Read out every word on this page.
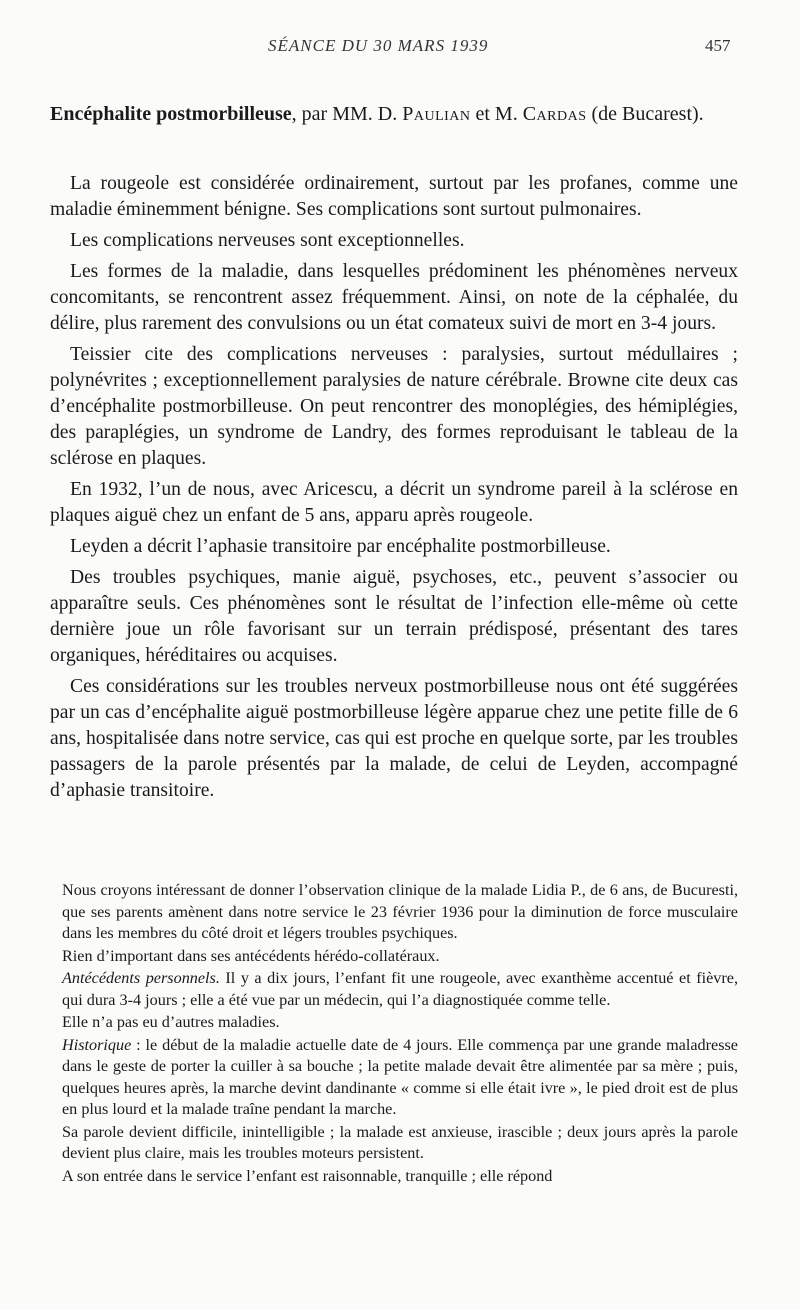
SÉANCE DU 30 MARS 1939	457
Encéphalite postmorbilleuse, par MM. D. Paulian et M. Cardas (de Bucarest).

La rougeole est considérée ordinairement, surtout par les profanes, comme une maladie éminemment bénigne. Ses complications sont surtout pulmonaires.

Les complications nerveuses sont exceptionnelles.

Les formes de la maladie, dans lesquelles prédominent les phénomènes nerveux concomitants, se rencontrent assez fréquemment. Ainsi, on note de la céphalée, du délire, plus rarement des convulsions ou un état comateux suivi de mort en 3-4 jours.

Teissier cite des complications nerveuses : paralysies, surtout médullaires ; polynévrites ; exceptionnellement paralysies de nature cérébrale. Browne cite deux cas d’encéphalite postmorbilleuse. On peut rencontrer des monoplégies, des hémiplégies, des paraplégies, un syndrome de Landry, des formes reproduisant le tableau de la sclérose en plaques.

En 1932, l’un de nous, avec Aricescu, a décrit un syndrome pareil à la sclérose en plaques aiguë chez un enfant de 5 ans, apparu après rougeole.

Leyden a décrit l’aphasie transitoire par encéphalite postmorbilleuse.

Des troubles psychiques, manie aiguë, psychoses, etc., peuvent s’associer ou apparaître seuls. Ces phénomènes sont le résultat de l’infection elle-même où cette dernière joue un rôle favorisant sur un terrain prédisposé, présentant des tares organiques, héréditaires ou acquises.

Ces considérations sur les troubles nerveux postmorbilleuse nous ont été suggérées par un cas d’encéphalite aiguë postmorbilleuse légère apparue chez une petite fille de 6 ans, hospitalisée dans notre service, cas qui est proche en quelque sorte, par les troubles passagers de la parole présentés par la malade, de celui de Leyden, accompagné d’aphasie transitoire.

Nous croyons intéressant de donner l’observation clinique de la malade Lidia P., de 6 ans, de Bucuresti, que ses parents amènent dans notre service le 23 février 1936 pour la diminution de force musculaire dans les membres du côté droit et légers troubles psychiques.

Rien d’important dans ses antécédents hérédo-collatéraux.

Antécédents personnels. Il y a dix jours, l’enfant fit une rougeole, avec exanthème accentué et fièvre, qui dura 3-4 jours ; elle a été vue par un médecin, qui l’a diagnostiquée comme telle.

Elle n’a pas eu d’autres maladies.

Historique : le début de la maladie actuelle date de 4 jours. Elle commença par une grande maladresse dans le geste de porter la cuiller à sa bouche ; la petite malade devait être alimentée par sa mère ; puis, quelques heures après, la marche devint dandinante « comme si elle était ivre », le pied droit est de plus en plus lourd et la malade traîne pendant la marche.

Sa parole devient difficile, inintelligible ; la malade est anxieuse, irascible ; deux jours après la parole devient plus claire, mais les troubles moteurs persistent.

A son entrée dans le service l’enfant est raisonnable, tranquille ; elle répond
